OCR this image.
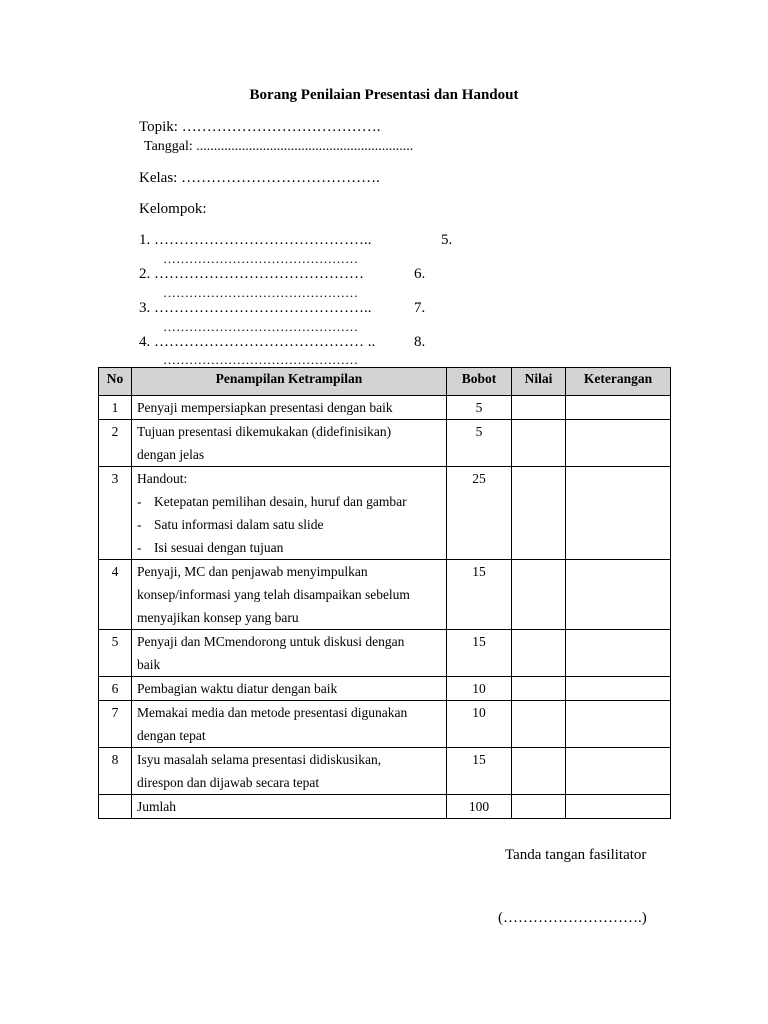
Borang Penilaian Presentasi dan Handout
Topik: ………………………………….
Tanggal: ..............................................................
Kelas: ………………………………….
Kelompok:
1. ……………………………………..	5.
………………………………………
2. ……………………………………	6.
………………………………………
3. ……………………………………..	7.
………………………………………
4. …………………………………… ..	8.
………………………………………
No	Penampilan Ketrampilan	Bobot	Nilai	Keterangan
1	Penyaji mempersiapkan presentasi dengan baik	5		
2	Tujuan presentasi dikemukakan (didefinisikan)
dengan jelas	5		
3	Handout:
- Ketepatan pemilihan desain, huruf dan gambar
- Satu informasi dalam satu slide
- Isi sesuai dengan tujuan	25		
4	Penyaji, MC dan penjawab menyimpulkan
konsep/informasi yang telah disampaikan sebelum
menyajikan konsep yang baru	15		
5	Penyaji dan MCmendorong untuk diskusi dengan
baik	15		
6	Pembagian waktu diatur dengan baik	10		
7	Memakai media dan metode presentasi digunakan
dengan tepat	10		
8	Isyu masalah selama presentasi didiskusikan,
direspon dan dijawab secara tepat	15		
	Jumlah	100		
Tanda tangan fasilitator
(……………………….)
